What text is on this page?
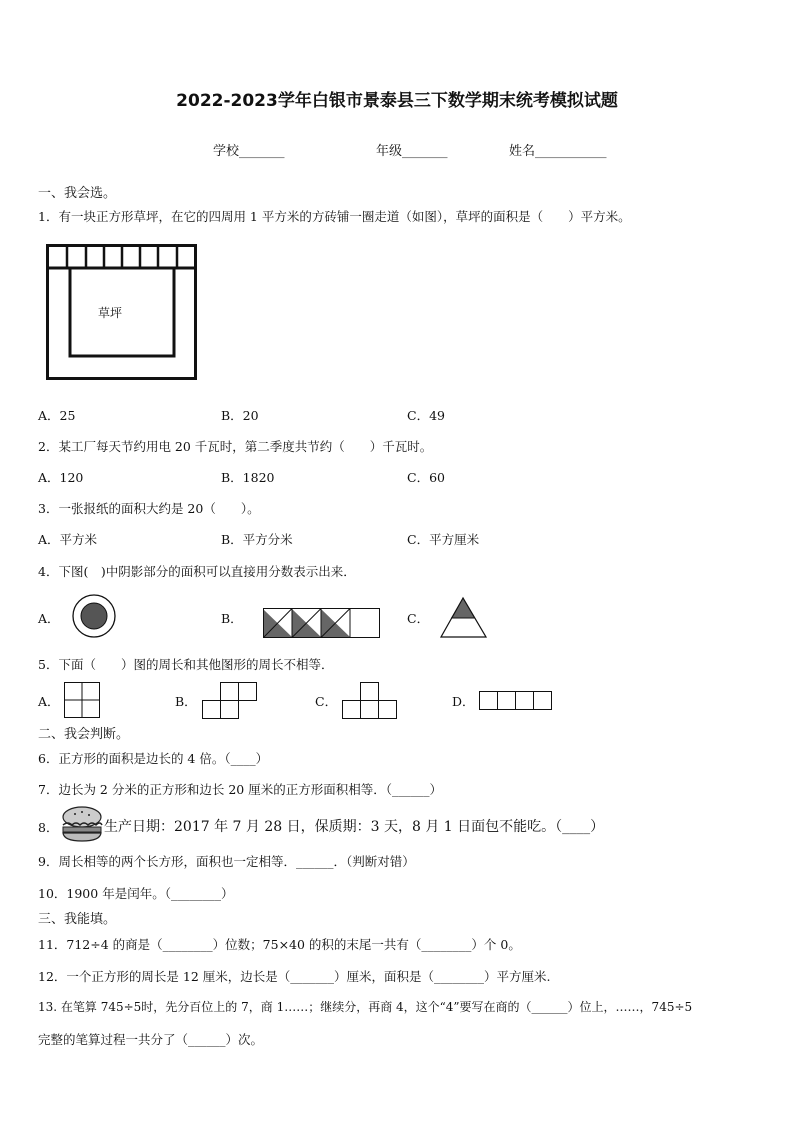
2022-2023学年白银市景泰县三下数学期末统考模拟试题
学校_______	年级_______	姓名___________
一、我会选。
1．有一块正方形草坪，在它的四周用 1 平方米的方砖铺一圈走道（如图），草坪的面积是（　　）平方米。
草坪
A．25	B．20	C．49
2．某工厂每天节约用电 20 千瓦时，第二季度共节约（　　）千瓦时。
A．120	B．1820	C．60
3．一张报纸的面积大约是 20（　　）。
A．平方米	B．平方分米	C．平方厘米
4．下图(　)中阴影部分的面积可以直接用分数表示出来．
A．	B．	C．
5．下面（　　）图的周长和其他图形的周长不相等．
A．	B．	C．	D．
二、我会判断。
6．正方形的面积是边长的 4 倍。（____）
7．边长为 2 分米的正方形和边长 20 厘米的正方形面积相等．（______）
8．	生产日期：2017 年 7 月 28 日，保质期：3 天，8 月 1 日面包不能吃。（____）
9．周长相等的两个长方形，面积也一定相等．______．（判断对错）
10．1900 年是闰年。（________）
三、我能填。
11．712÷4 的商是（________）位数；75×40 的积的末尾一共有（________）个 0。
12．一个正方形的周长是 12 厘米，边长是（_______）厘米，面积是（________）平方厘米.
13. 在笔算 745÷5时，先分百位上的 7，商 1……；继续分，再商 4，这个“4”要写在商的（______）位上，……，745÷5
完整的笔算过程一共分了（______）次。
